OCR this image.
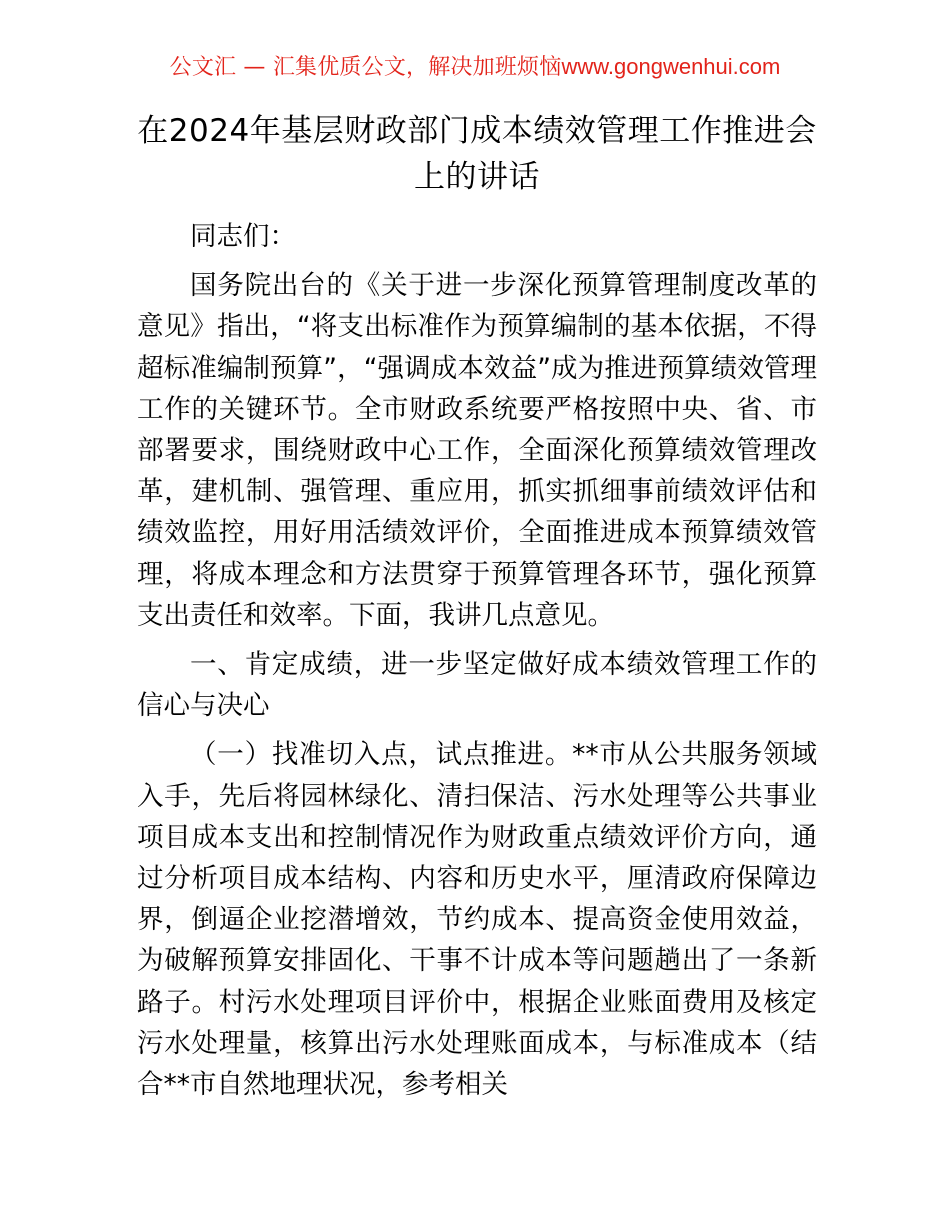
公文汇 — 汇集优质公文，解决加班烦恼www.gongwenhui.com
在2024年基层财政部门成本绩效管理工作推进会上的讲话

同志们：

国务院出台的《关于进一步深化预算管理制度改革的意见》指出，“将支出标准作为预算编制的基本依据，不得超标准编制预算”，“强调成本效益”成为推进预算绩效管理工作的关键环节。全市财政系统要严格按照中央、省、市部署要求，围绕财政中心工作，全面深化预算绩效管理改革，建机制、强管理、重应用，抓实抓细事前绩效评估和绩效监控，用好用活绩效评价，全面推进成本预算绩效管理，将成本理念和方法贯穿于预算管理各环节，强化预算支出责任和效率。下面，我讲几点意见。

一、肯定成绩，进一步坚定做好成本绩效管理工作的信心与决心

（一）找准切入点，试点推进。**市从公共服务领域入手，先后将园林绿化、清扫保洁、污水处理等公共事业项目成本支出和控制情况作为财政重点绩效评价方向，通过分析项目成本结构、内容和历史水平，厘清政府保障边界，倒逼企业挖潜增效，节约成本、提高资金使用效益，为破解预算安排固化、干事不计成本等问题趟出了一条新路子。村污水处理项目评价中，根据企业账面费用及核定污水处理量，核算出污水处理账面成本，与标准成本（结合**市自然地理状况，参考相关
